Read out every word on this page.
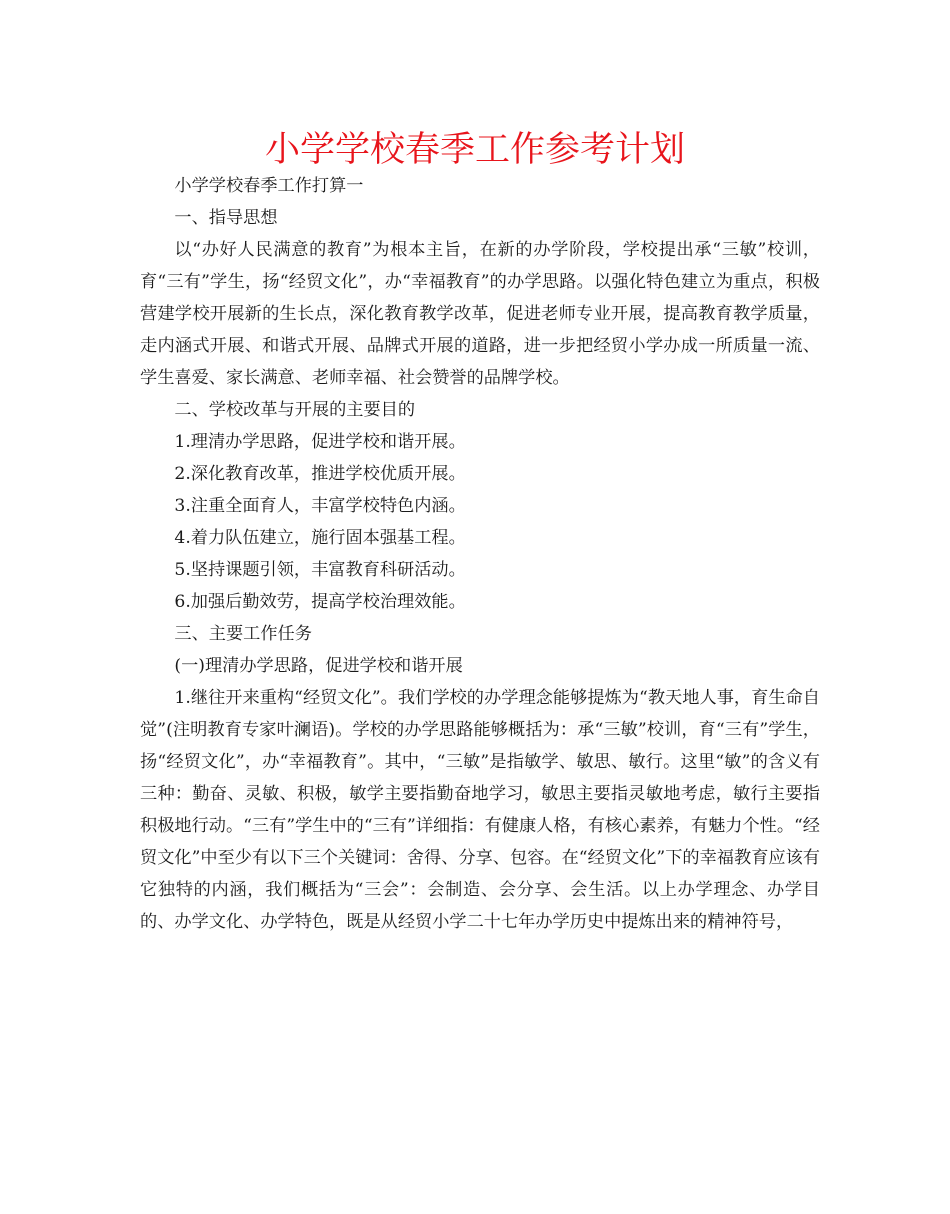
小学学校春季工作参考计划

小学学校春季工作打算一

一、指导思想

以“办好人民满意的教育”为根本主旨，在新的办学阶段，学校提出承“三敏”校训，育“三有”学生，扬“经贸文化”，办“幸福教育”的办学思路。以强化特色建立为重点，积极营建学校开展新的生长点，深化教育教学改革，促进老师专业开展，提高教育教学质量，走内涵式开展、和谐式开展、品牌式开展的道路，进一步把经贸小学办成一所质量一流、学生喜爱、家长满意、老师幸福、社会赞誉的品牌学校。

二、学校改革与开展的主要目的

1.理清办学思路，促进学校和谐开展。

2.深化教育改革，推进学校优质开展。

3.注重全面育人，丰富学校特色内涵。

4.着力队伍建立，施行固本强基工程。

5.坚持课题引领，丰富教育科研活动。

6.加强后勤效劳，提高学校治理效能。

三、主要工作任务

(一)理清办学思路，促进学校和谐开展

1.继往开来重构“经贸文化”。我们学校的办学理念能够提炼为“教天地人事，育生命自觉”(注明教育专家叶澜语)。学校的办学思路能够概括为：承“三敏”校训，育“三有”学生，扬“经贸文化”，办“幸福教育”。其中，“三敏”是指敏学、敏思、敏行。这里“敏”的含义有三种：勤奋、灵敏、积极，敏学主要指勤奋地学习，敏思主要指灵敏地考虑，敏行主要指积极地行动。“三有”学生中的“三有”详细指：有健康人格，有核心素养，有魅力个性。“经贸文化”中至少有以下三个关键词：舍得、分享、包容。在“经贸文化”下的幸福教育应该有它独特的内涵，我们概括为“三会”：会制造、会分享、会生活。以上办学理念、办学目的、办学文化、办学特色，既是从经贸小学二十七年办学历史中提炼出来的精神符号，
